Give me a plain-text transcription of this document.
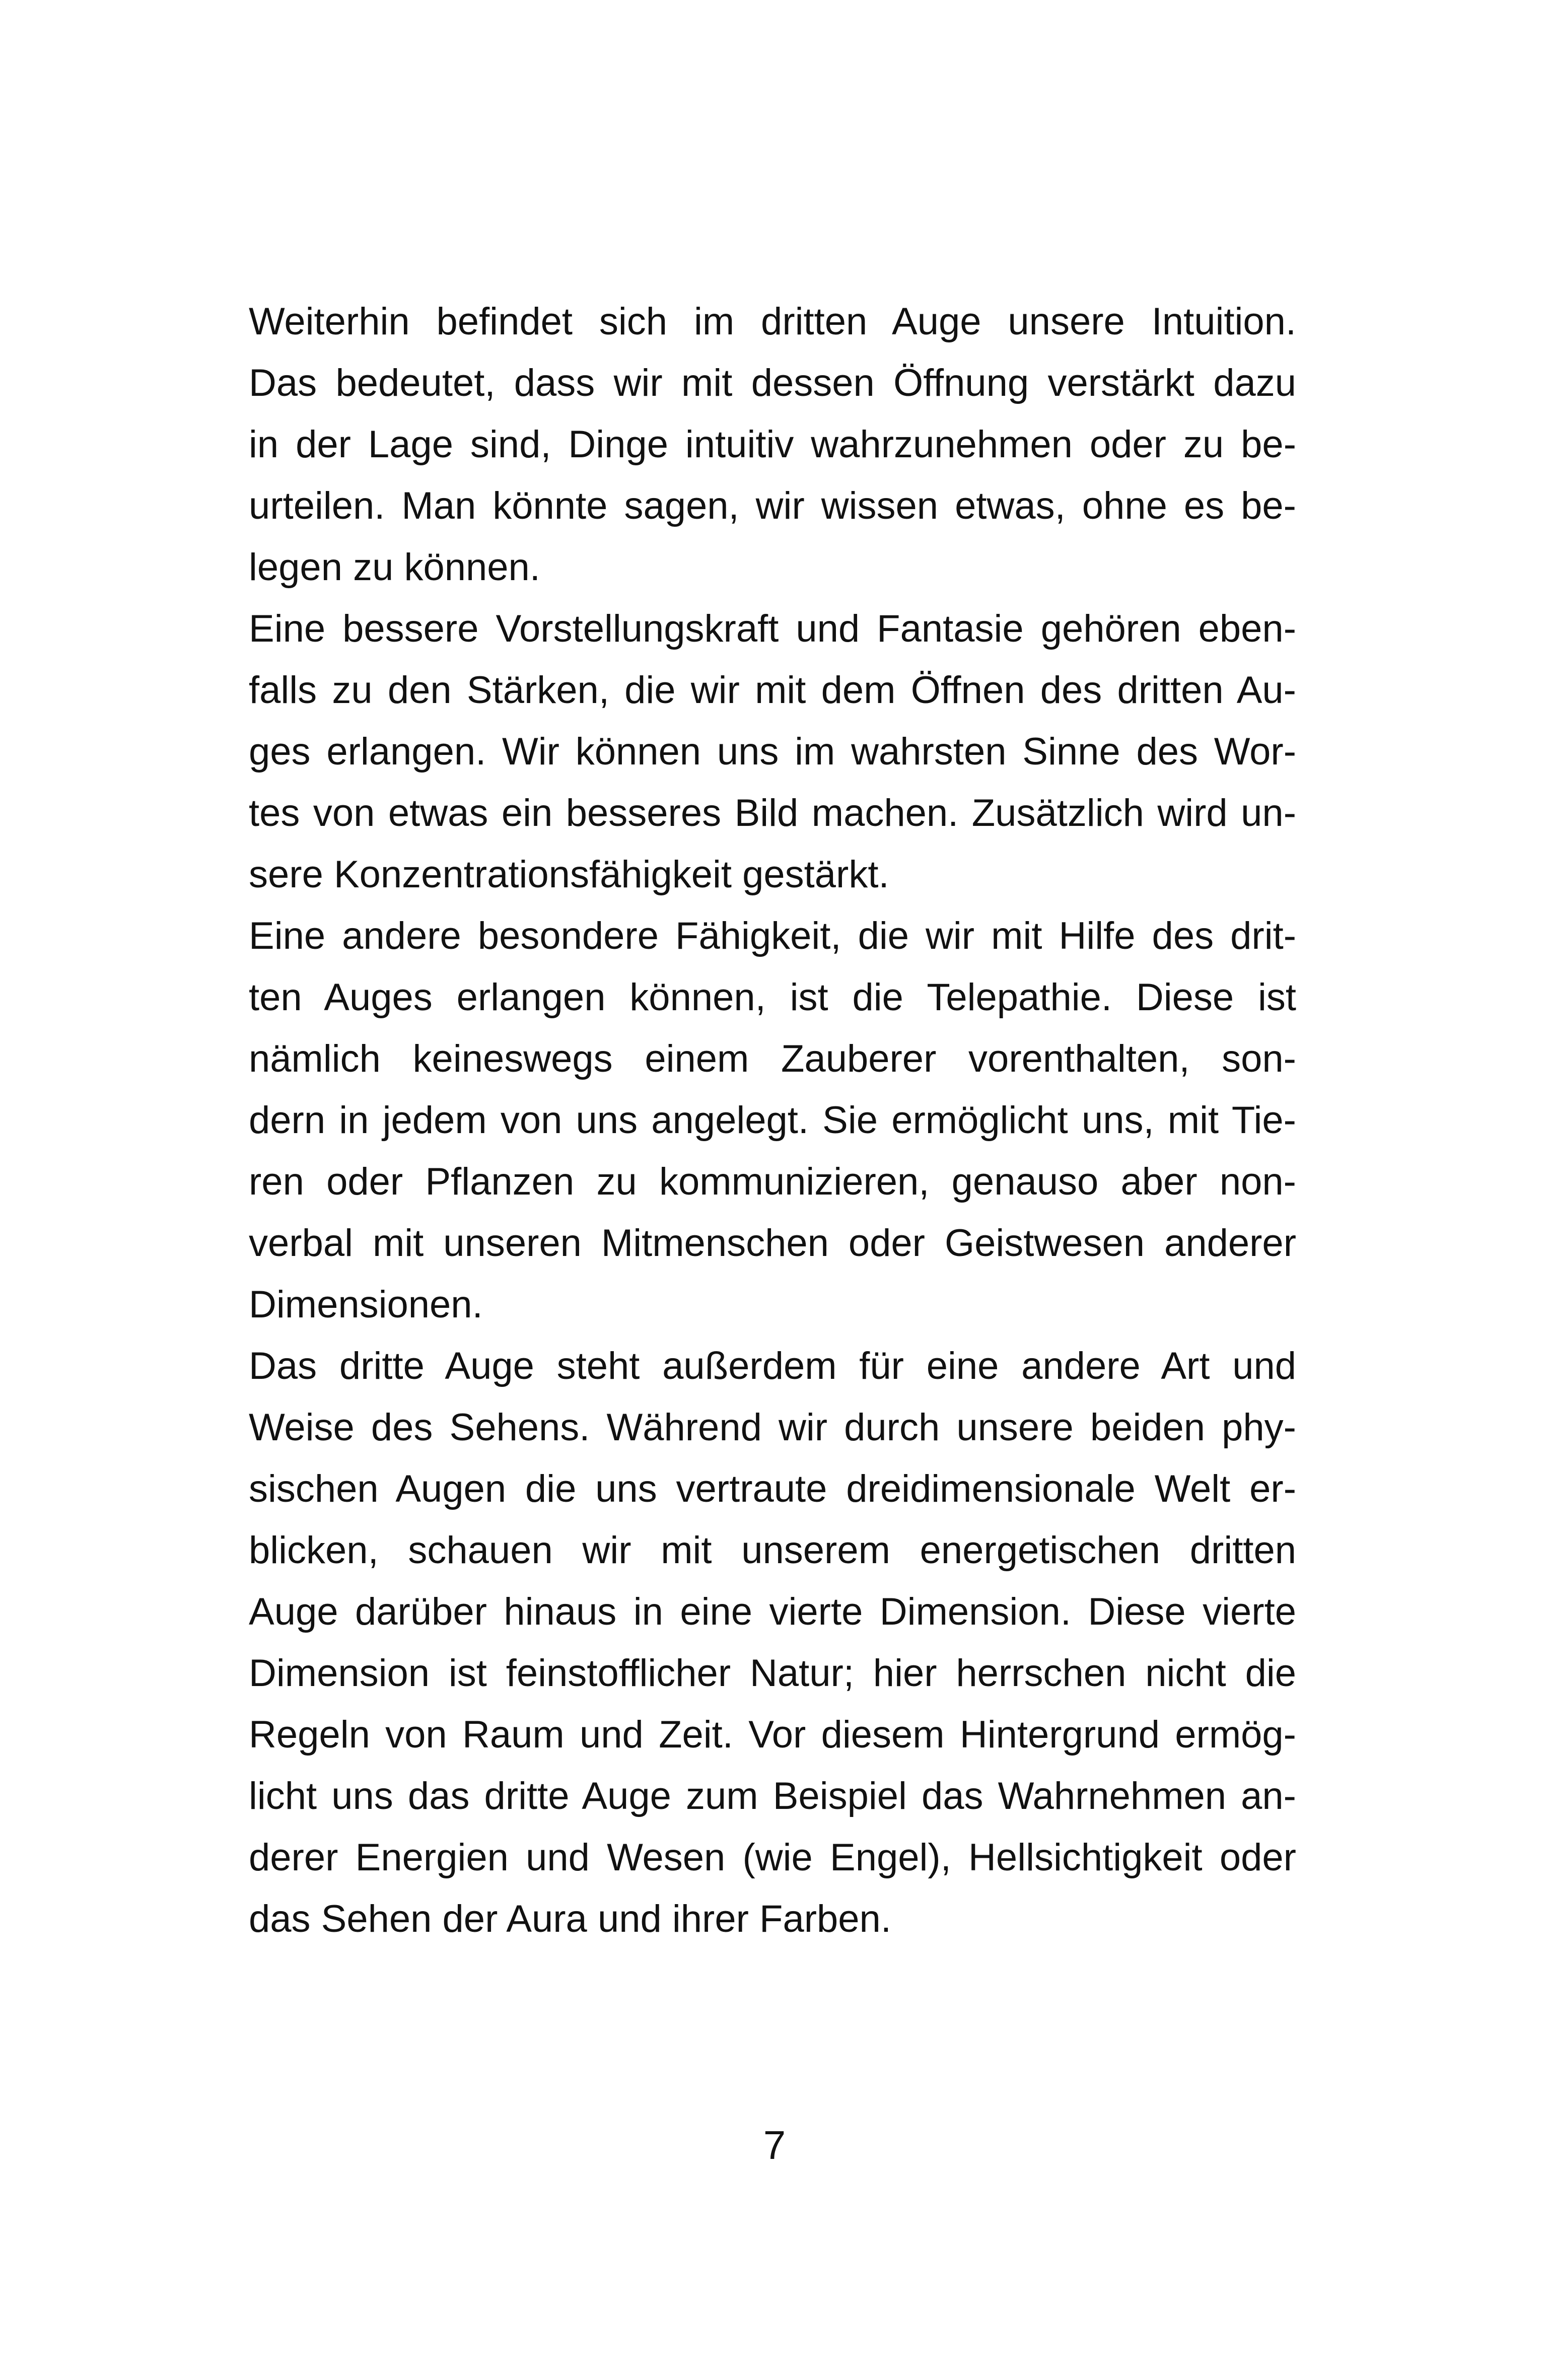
Weiterhin befindet sich im dritten Auge unsere Intuition.
Das bedeutet, dass wir mit dessen Öffnung verstärkt dazu
in der Lage sind, Dinge intuitiv wahrzunehmen oder zu be-
urteilen. Man könnte sagen, wir wissen etwas, ohne es be-
legen zu können.
Eine bessere Vorstellungskraft und Fantasie gehören eben-
falls zu den Stärken, die wir mit dem Öffnen des dritten Au-
ges erlangen. Wir können uns im wahrsten Sinne des Wor-
tes von etwas ein besseres Bild machen. Zusätzlich wird un-
sere Konzentrationsfähigkeit gestärkt.
Eine andere besondere Fähigkeit, die wir mit Hilfe des drit-
ten Auges erlangen können, ist die Telepathie. Diese ist
nämlich keineswegs einem Zauberer vorenthalten, son-
dern in jedem von uns angelegt. Sie ermöglicht uns, mit Tie-
ren oder Pflanzen zu kommunizieren, genauso aber non-
verbal mit unseren Mitmenschen oder Geistwesen anderer
Dimensionen.
Das dritte Auge steht außerdem für eine andere Art und
Weise des Sehens. Während wir durch unsere beiden phy-
sischen Augen die uns vertraute dreidimensionale Welt er-
blicken, schauen wir mit unserem energetischen dritten
Auge darüber hinaus in eine vierte Dimension. Diese vierte
Dimension ist feinstofflicher Natur; hier herrschen nicht die
Regeln von Raum und Zeit. Vor diesem Hintergrund ermög-
licht uns das dritte Auge zum Beispiel das Wahrnehmen an-
derer Energien und Wesen (wie Engel), Hellsichtigkeit oder
das Sehen der Aura und ihrer Farben.
7
